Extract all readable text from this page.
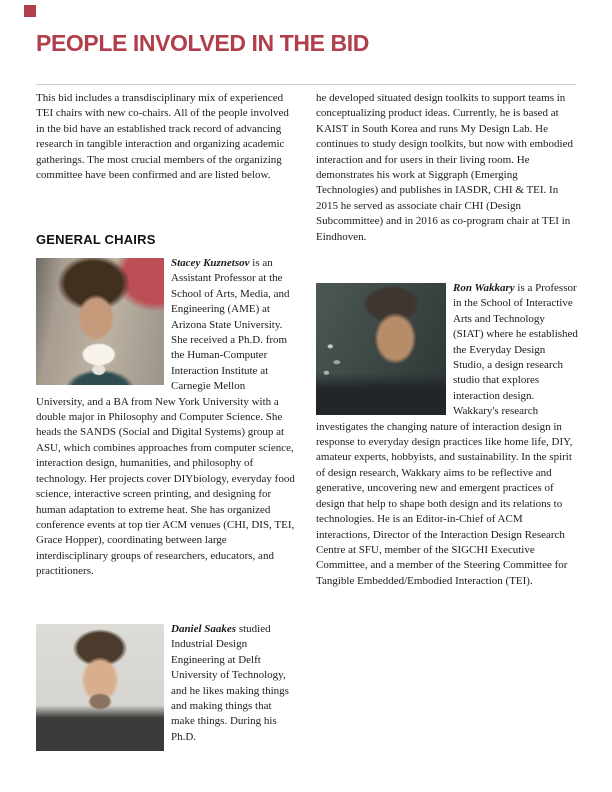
PEOPLE INVOLVED IN THE BID

This bid includes a transdisciplinary mix of experienced TEI chairs with new co-chairs. All of the people involved in the bid have an established track record of advancing research in tangible interaction and organizing academic gatherings. The most crucial members of the organizing committee have been confirmed and are listed below.

GENERAL CHAIRS

Stacey Kuznetsov is an Assistant Professor at the School of Arts, Media, and Engineering (AME) at Arizona State University. She received a Ph.D. from the Human-Computer Interaction Institute at Carnegie Mellon University, and a BA from New York University with a double major in Philosophy and Computer Science. She heads the SANDS (Social and Digital Systems) group at ASU, which combines approaches from computer science, interaction design, humanities, and philosophy of technology. Her projects cover DIYbiology, everyday food science, interactive screen printing, and designing for human adaptation to extreme heat. She has organized conference events at top tier ACM venues (CHI, DIS, TEI, Grace Hopper), coordinating between large interdisciplinary groups of researchers, educators, and practitioners.

Daniel Saakes studied Industrial Design Engineering at Delft University of Technology, and he likes making things and making things that make things. During his Ph.D.

he developed situated design toolkits to support teams in conceptualizing product ideas. Currently, he is based at KAIST in South Korea and runs My Design Lab. He continues to study design toolkits, but now with embodied interaction and for users in their living room. He demonstrates his work at Siggraph (Emerging Technologies) and publishes in IASDR, CHI & TEI. In 2015 he served as associate chair CHI (Design Subcommittee) and in 2016 as co-program chair at TEI in Eindhoven.

Ron Wakkary is a Professor in the School of Interactive Arts and Technology (SIAT) where he established the Everyday Design Studio, a design research studio that explores interaction design. Wakkary's research investigates the changing nature of interaction design in response to everyday design practices like home life, DIY, amateur experts, hobbyists, and sustainability. In the spirit of design research, Wakkary aims to be reflective and generative, uncovering new and emergent practices of design that help to shape both design and its relations to technologies. He is an Editor-in-Chief of ACM interactions, Director of the Interaction Design Research Centre at SFU, member of the SIGCHI Executive Committee, and a member of the Steering Committee for Tangible Embedded/Embodied Interaction (TEI).
